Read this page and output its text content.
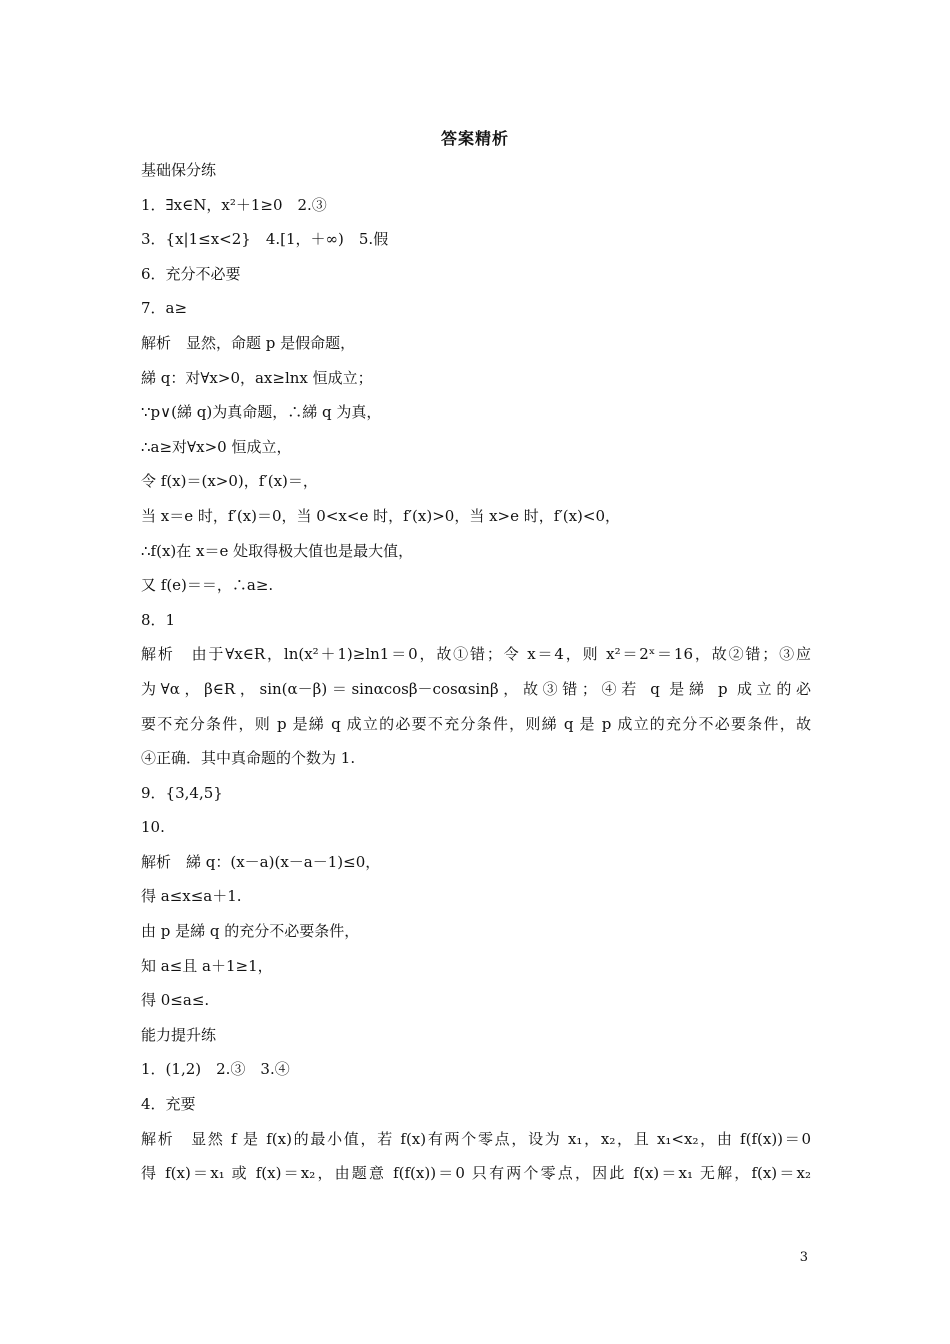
答案精析
基础保分练
1．∃x∈N，x²＋1≥0　2.③
3．{x|1≤x<2}　4.[1，＋∞)　5.假
6．充分不必要
7．a≥
解析　显然，命题 p 是假命题，
綈 q：对∀x>0，ax≥lnx 恒成立；
∵p∨(綈 q)为真命题，∴綈 q 为真，
∴a≥对∀x>0 恒成立，
令 f(x)＝(x>0)，f′(x)＝，
当 x＝e 时，f′(x)＝0，当 0<x<e 时，f′(x)>0，当 x>e 时，f′(x)<0，
∴f(x)在 x＝e 处取得极大值也是最大值，
又 f(e)＝＝，∴a≥.
8．1
解析　由于∀x∈R，ln(x²＋1)≥ln1＝0，故①错；令 x＝4，则 x²＝2ˣ＝16，故②错；③应
为∀α，β∈R，sin(α－β)＝sinαcosβ－cosαsinβ，故③错；④若 q 是綈 p 成立的必
要不充分条件，则 p 是綈 q 成立的必要不充分条件，则綈 q 是 p 成立的充分不必要条件，故
④正确．其中真命题的个数为 1.
9．{3,4,5}
10.
解析　綈 q：(x－a)(x－a－1)≤0，
得 a≤x≤a＋1.
由 p 是綈 q 的充分不必要条件，
知 a≤且 a＋1≥1，
得 0≤a≤.
能力提升练
1．(1,2)　2.③　3.④
4．充要
解析　显然 f 是 f(x)的最小值，若 f(x)有两个零点，设为 x₁，x₂，且 x₁<x₂，由 f(f(x))＝0
得 f(x)＝x₁ 或 f(x)＝x₂，由题意 f(f(x))＝0 只有两个零点，因此 f(x)＝x₁ 无解，f(x)＝x₂
3
